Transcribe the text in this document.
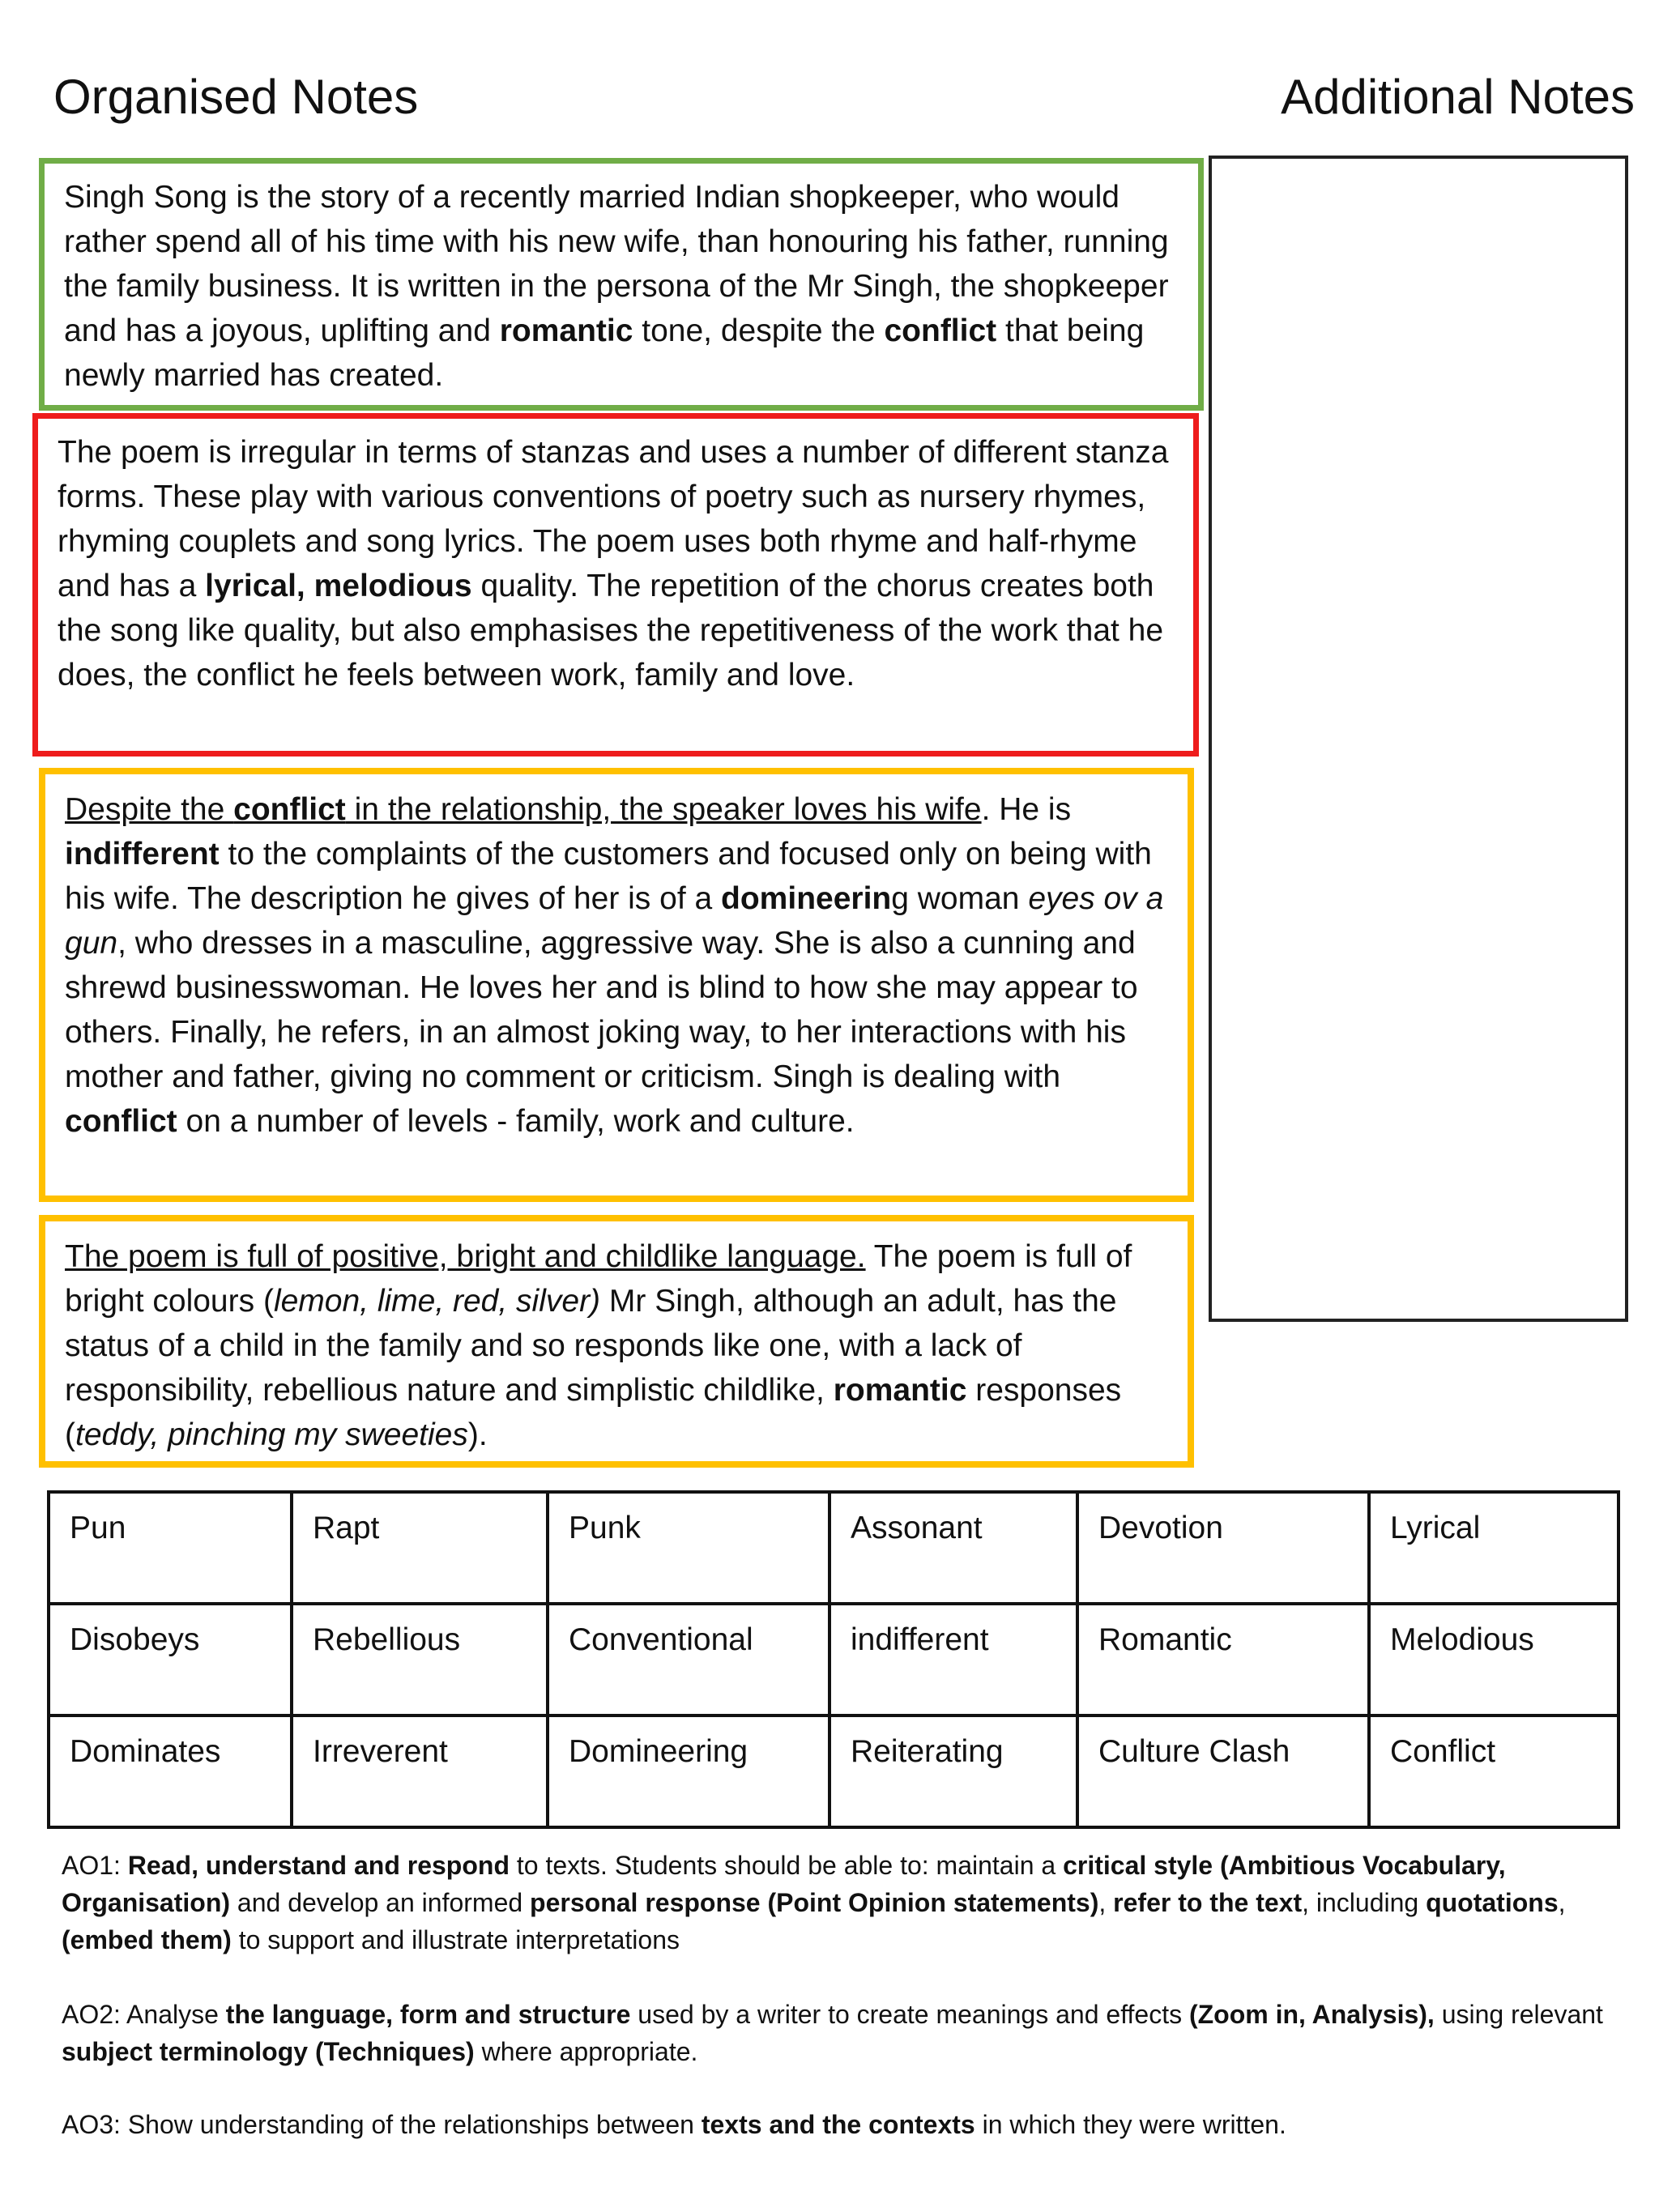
Organised Notes	Additional Notes
Singh Song is the story of a recently married Indian shopkeeper, who would rather spend all of his time with his new wife, than honouring his father, running the family business. It is written in the persona of the Mr Singh, the shopkeeper and has a joyous, uplifting and romantic tone, despite the conflict that being newly married has created.
The poem is irregular in terms of stanzas and uses a number of different stanza forms. These play with various conventions of poetry such as nursery rhymes, rhyming couplets and song lyrics. The poem uses both rhyme and half-rhyme and has a lyrical, melodious quality. The repetition of the chorus creates both the song like quality, but also emphasises the repetitiveness of the work that he does, the conflict he feels between work, family and love.
Despite the conflict in the relationship, the speaker loves his wife. He is indifferent to the complaints of the customers and focused only on being with his wife. The description he gives of her is of a domineering woman eyes ov a gun, who dresses in a masculine, aggressive way. She is also a cunning and shrewd businesswoman. He loves her and is blind to how she may appear to others. Finally, he refers, in an almost joking way, to her interactions with his mother and father, giving no comment or criticism. Singh is dealing with conflict on a number of levels - family, work and culture.
The poem is full of positive, bright and childlike language. The poem is full of bright colours (lemon, lime, red, silver) Mr Singh, although an adult, has the status of a child in the family and so responds like one, with a lack of responsibility, rebellious nature and simplistic childlike, romantic responses (teddy, pinching my sweeties).
Pun	Rapt	Punk	Assonant	Devotion	Lyrical
Disobeys	Rebellious	Conventional	indifferent	Romantic	Melodious
Dominates	Irreverent	Domineering	Reiterating	Culture Clash	Conflict
AO1: Read, understand and respond to texts. Students should be able to: maintain a critical style (Ambitious Vocabulary, Organisation) and develop an informed personal response (Point Opinion statements), refer to the text, including quotations, (embed them) to support and illustrate interpretations
AO2: Analyse the language, form and structure used by a writer to create meanings and effects (Zoom in, Analysis), using relevant subject terminology (Techniques) where appropriate.
AO3: Show understanding of the relationships between texts and the contexts in which they were written.
